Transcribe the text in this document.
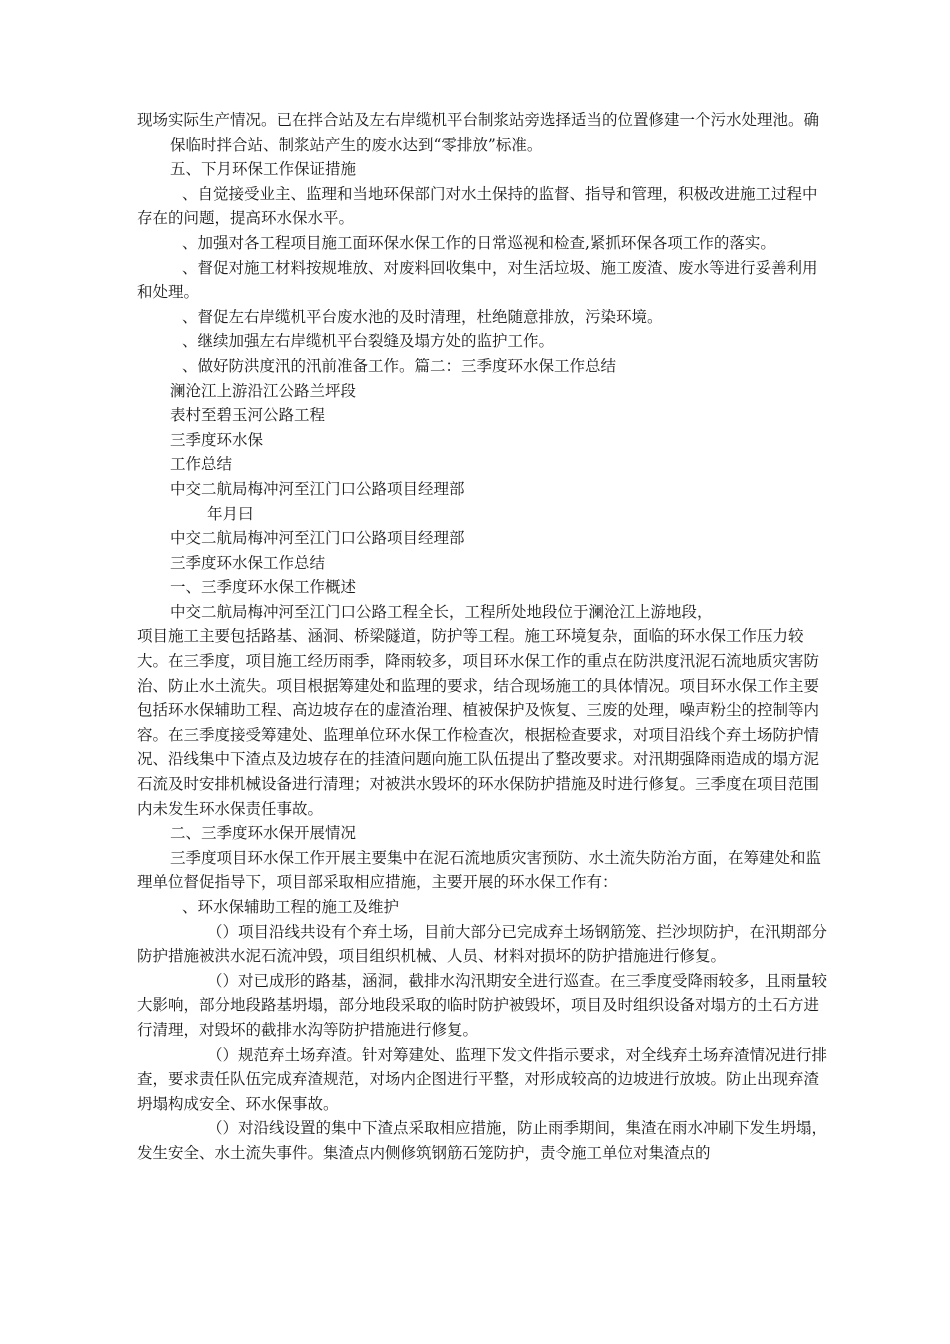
现场实际生产情况。已在拌合站及左右岸缆机平台制浆站旁选择适当的位置修建一个污水处理池。确

保临时拌合站、制浆站产生的废水达到“零排放”标准。

五、下月环保工作保证措施

、自觉接受业主、监理和当地环保部门对水土保持的监督、指导和管理，积极改进施工过程中存在的问题，提高环水保水平。

、加强对各工程项目施工面环保水保工作的日常巡视和检查,紧抓环保各项工作的落实。

、督促对施工材料按规堆放、对废料回收集中，对生活垃圾、施工废渣、废水等进行妥善利用和处理。

、督促左右岸缆机平台废水池的及时清理，杜绝随意排放，污染环境。

、继续加强左右岸缆机平台裂缝及塌方处的监护工作。

、做好防洪度汛的汛前准备工作。篇二：三季度环水保工作总结

澜沧江上游沿江公路兰坪段

表村至碧玉河公路工程

三季度环水保

工作总结

中交二航局梅冲河至江门口公路项目经理部

年月曰

中交二航局梅冲河至江门口公路项目经理部

三季度环水保工作总结

一、三季度环水保工作概述

中交二航局梅冲河至江门口公路工程全长，工程所处地段位于澜沧江上游地段，

项目施工主要包括路基、涵洞、桥梁隧道，防护等工程。施工环境复杂，面临的环水保工作压力较大。在三季度，项目施工经历雨季，降雨较多，项目环水保工作的重点在防洪度汛泥石流地质灾害防治、防止水土流失。项目根据筹建处和监理的要求，结合现场施工的具体情况。项目环水保工作主要包括环水保辅助工程、高边坡存在的虚渣治理、植被保护及恢复、三废的处理，噪声粉尘的控制等内容。在三季度接受筹建处、监理单位环水保工作检查次，根据检查要求，对项目沿线个弃土场防护情况、沿线集中下渣点及边坡存在的挂渣问题向施工队伍提出了整改要求。对汛期强降雨造成的塌方泥石流及时安排机械设备进行清理；对被洪水毁坏的环水保防护措施及时进行修复。三季度在项目范围内未发生环水保责任事故。

二、三季度环水保开展情况

三季度项目环水保工作开展主要集中在泥石流地质灾害预防、水土流失防治方面，在筹建处和监理单位督促指导下，项目部采取相应措施，主要开展的环水保工作有：

、环水保辅助工程的施工及维护

（）项目沿线共设有个弃土场，目前大部分已完成弃土场钢筋笼、拦沙坝防护，在汛期部分防护措施被洪水泥石流冲毁，项目组织机械、人员、材料对损坏的防护措施进行修复。

（）对已成形的路基，涵洞，截排水沟汛期安全进行巡查。在三季度受降雨较多，且雨量较大影响，部分地段路基坍塌，部分地段采取的临时防护被毁坏，项目及时组织设备对塌方的土石方进行清理，对毁坏的截排水沟等防护措施进行修复。

（）规范弃土场弃渣。针对筹建处、监理下发文件指示要求，对全线弃土场弃渣情况进行排查，要求责任队伍完成弃渣规范，对场内企图进行平整，对形成较高的边坡进行放坡。防止出现弃渣坍塌构成安全、环水保事故。

（）对沿线设置的集中下渣点采取相应措施，防止雨季期间，集渣在雨水冲刷下发生坍塌，发生安全、水土流失事件。集渣点内侧修筑钢筋石笼防护，责令施工单位对集渣点的
